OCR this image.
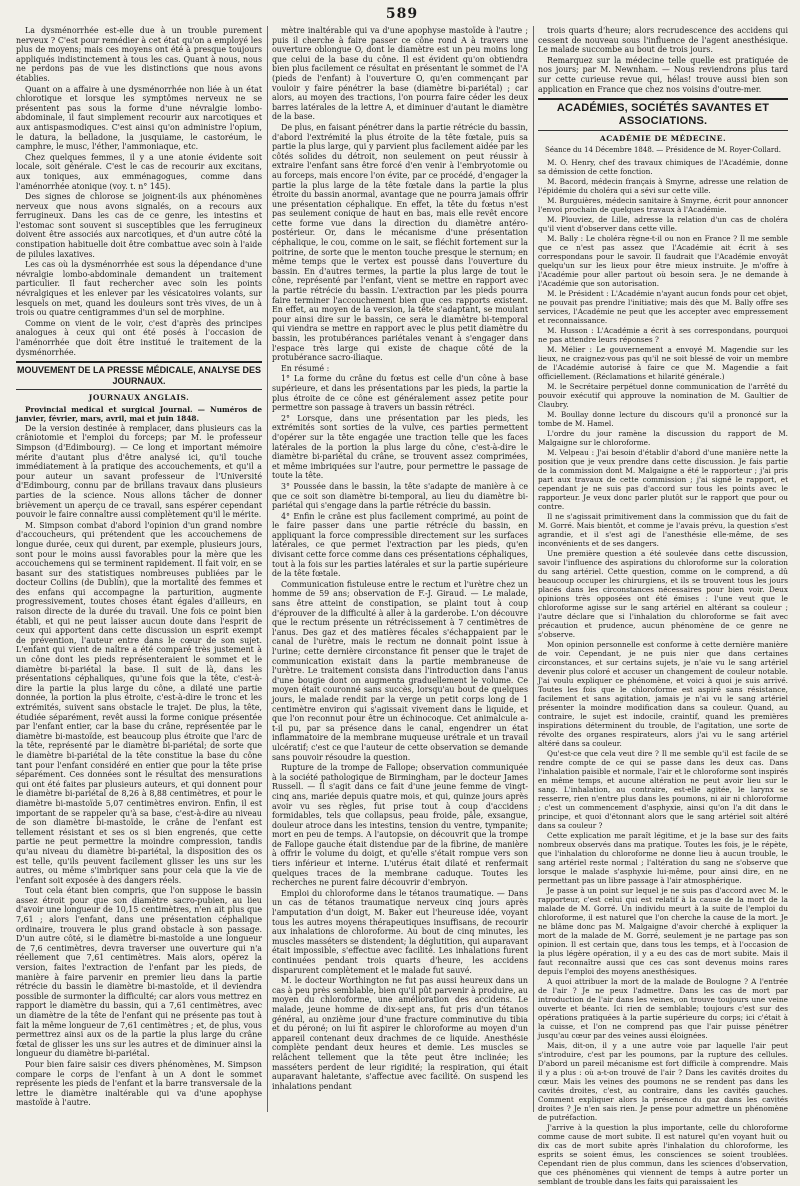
589

La dysménorrhée est-elle due à un trouble purement nerveux ? C'est pour remédier à cet état qu'on a employé les plus de moyens; mais ces moyens ont été à presque toujours appliqués indistinctement à tous les cas. Quant à nous, nous ne perdons pas de vue les distinctions que nous avons établies.

Quant on a affaire à une dysménorrhée non liée à un état chlorotique et lorsque les symptômes nerveux ne se présentent pas sous la forme d'une névralgie lombo-abdominale, il faut simplement recourir aux narcotiques et aux antispasmodiques. C'est ainsi qu'on administre l'opium, le datura, la belladone, la jusquiame, le castoréum, le camphre, le musc, l'éther, l'ammoniaque, etc.

Chez quelques femmes, il y a une atonie évidente soit locale, soit générale. C'est le cas de recourir aux excitans, aux toniques, aux emménagogues, comme dans l'aménorrhée atonique (voy. t. n° 145).

Des signes de chlorose se joignent-ils aux phénomènes nerveux que nous avons signalés, on a recours aux ferrugineux. Dans les cas de ce genre, les intestins et l'estomac sont souvent si susceptibles que les ferrugineux doivent être associés aux narcotiques, et d'un autre côté la constipation habituelle doit être combattue avec soin à l'aide de pilules laxatives.

Les cas où la dysménorrhée est sous la dépendance d'une névralgie lombo-abdominale demandent un traitement particulier. Il faut rechercher avec soin les points névralgiques et les enlever par les vésicatoires volants, sur lesquels on met, quand les douleurs sont très vives, de un à trois ou quatre centigrammes d'un sel de morphine.

Comme on vient de le voir, c'est d'après des principes analogues à ceux qui ont été posés à l'occasion de l'aménorrhée que doit être institué le traitement de la dysménorrhée.

MOUVEMENT DE LA PRESSE MÉDICALE, ANALYSE DES JOURNAUX.
JOURNAUX ANGLAIS.

Provincial medical et surgical Journal. — Numéros de janvier, février, mars, avril, mai et juin 1848.

De la version destinée à remplacer, dans plusieurs cas la crâniotomie et l'emploi du forceps; par M. le professeur Simpson (d'Edimbourg). — Ce long et important mémoire mérite d'autant plus d'être analysé ici, qu'il touche immédiatement à la pratique des accouchements, et qu'il a pour auteur un savant professeur de l'Université d'Edimbourg, connu par de brillans travaux dans plusieurs parties de la science. Nous allons tâcher de donner brièvement un aperçu de ce travail, sans espérer cependant pouvoir le faire connaître aussi complètement qu'il le mérite.

M. Simpson combat d'abord l'opinion d'un grand nombre d'accoucheurs, qui prétendent que les accouchemens de longue durée, ceux qui durent, par exemple, plusieurs jours, sont pour le moins aussi favorables pour la mère que les accouchemens qui se terminent rapidement. Il fait voir, en se basant sur des statistiques nombreuses publiées par le docteur Collins (de Dublin), que la mortalité des femmes et des enfans qui accompagne la parturition, augmente progressivement, toutes choses étant égales d'ailleurs, en raison directe de la durée du travail. Une fois ce point bien établi, et qui ne peut laisser aucun doute dans l'esprit de ceux qui apportent dans cette discussion un esprit exempt de prévention, l'auteur entre dans le cœur de son sujet. L'enfant qui vient de naître a été comparé très justement à un cône dont les pieds représenteraient le sommet et le diamètre bi-pariétal la base. Il suit de là, dans les présentations céphaliques, qu'une fois que la tête, c'est-à-dire la partie la plus large du cône, a dilaté une partie donnée, la portion la plus étroite, c'est-à-dire le tronc et les extrémités, suivent sans obstacle le trajet. De plus, la tête, étudiée séparément, revêt aussi la forme conique présentée par l'enfant entier, car la base du crâne, représentée par le diamètre bi-mastoïde, est beaucoup plus étroite que l'arc de la tête, représenté par le diamètre bi-pariétal; de sorte que le diamètre bi-pariétal de la tête constitue la base du cône tant pour l'enfant considéré en entier que pour la tête prise séparément. Ces données sont le résultat des mensurations qui ont été faites par plusieurs auteurs, et qui donnent pour le diamètre bi-pariétal de 8,26 à 8,88 centimètres, et pour le diamètre bi-mastoïde 5,07 centimètres environ. Enfin, il est important de se rappeler qu'à sa base, c'est-à-dire au niveau de son diamètre bi-mastoïde, le crâne de l'enfant est tellement résistant et ses os si bien engrenés, que cette partie ne peut permettre la moindre compression, tandis qu'au niveau du diamètre bi-pariétal, la disposition des os est telle, qu'ils peuvent facilement glisser les uns sur les autres, ou même s'imbriquer sans pour cela que la vie de l'enfant soit exposée à des dangers réels.

Tout cela étant bien compris, que l'on suppose le bassin assez étroit pour que son diamètre sacro-pubien, au lieu d'avoir une longueur de 10,15 centimètres, n'en ait plus que 7,61 ; alors l'enfant, dans une présentation céphalique ordinaire, trouvera le plus grand obstacle à son passage. D'un autre côté, si le diamètre bi-mastoïde a une longueur de 7,6 centimètres, devra traverser une ouverture qui n'a réellement que 7,61 centimètres. Mais alors, opérez la version, faites l'extraction de l'enfant par les pieds, de manière à faire parvenir en premier lieu dans la partie rétrécie du bassin le diamètre bi-mastoïde, et il deviendra possible de surmonter la difficulté; car alors vous mettrez en rapport le diamètre du bassin, qui a 7,61 centimètres, avec un diamètre de la tête de l'enfant qui ne présente pas tout à fait la même longueur de 7,61 centimètres ; et, de plus, vous permettrez ainsi aux os de la partie la plus large du crâne fœtal de glisser les uns sur les autres et de diminuer ainsi la longueur du diamètre bi-pariétal.

Pour bien faire saisir ces divers phénomènes, M. Simpson compare le corps de l'enfant à un A dont le sommet représente les pieds de l'enfant et la barre transversale de la lettre le diamètre inaltérable qui va d'une apophyse mastoïde à l'autre.

mètre inaltérable qui va d'une apophyse mastoïde à l'autre ; puis il cherche à faire passer ce cône rond A à travers une ouverture oblongue O, dont le diamètre est un peu moins long que celui de la base du cône. Il est évident qu'on obtiendra bien plus facilement ce résultat en présentant le sommet de l'A (pieds de l'enfant) à l'ouverture O, qu'en commençant par vouloir y faire pénétrer la base (diamètre bi-pariétal) ; car alors, au moyen des tractions, l'on pourra faire céder les deux barres latérales de la lettre A, et diminuer d'autant le diamètre de la base.

De plus, en faisant pénétrer dans la partie rétrécie du bassin, d'abord l'extrémité la plus étroite de la tête fœtale, puis sa partie la plus large, qui y parvient plus facilement aidée par les côtés solides du détroit, non seulement on peut réussir à extraire l'enfant sans être forcé d'en venir à l'embryotomie ou au forceps, mais encore l'on évite, par ce procédé, d'engager la partie la plus large de la tête fœtale dans la partie la plus étroite du bassin anormal, avantage que ne pourra jamais offrir une présentation céphalique. En effet, la tête du fœtus n'est pas seulement conique de haut en bas, mais elle revêt encore cette forme vue dans la direction du diamètre antéro-postérieur. Or, dans le mécanisme d'une présentation céphalique, le cou, comme on le sait, se fléchit fortement sur la poitrine, de sorte que le menton touche presque le sternum; en même temps que le vertex est poussé dans l'ouverture du bassin. En d'autres termes, la partie la plus large de tout le cône, représenté par l'enfant, vient se mettre en rapport avec la partie rétrécie du bassin. L'extraction par les pieds pourra faire terminer l'accouchement bien que ces rapports existent. En effet, au moyen de la version, la tête s'adaptant, se moulant pour ainsi dire sur le bassin, ce sera le diamètre bi-temporal qui viendra se mettre en rapport avec le plus petit diamètre du bassin, les protubérances pariétales venant à s'engager dans l'espace très large qui existe de chaque côté de la protubérance sacro-iliaque.

En résumé :

1° La forme du crâne du fœtus est celle d'un cône à base supérieure, et dans les présentations par les pieds, la partie la plus étroite de ce cône est généralement assez petite pour permettre son passage à travers un bassin rétréci.

2° Lorsque, dans une présentation par les pieds, les extrémités sont sorties de la vulve, ces parties permettent d'opérer sur la tête engagée une traction telle que les faces latérales de la portion la plus large du cône, c'est-à-dire le diamètre bi-pariétal du crâne, se trouvent assez comprimées, et même imbriquées sur l'autre, pour permettre le passage de toute la tête.

3° Poussée dans le bassin, la tête s'adapte de manière à ce que ce soit son diamètre bi-temporal, au lieu du diamètre bi-pariétal qui s'engage dans la partie rétrécie du bassin.

4° Enfin le crâne est plus facilement comprimé, au point de le faire passer dans une partie rétrécie du bassin, en appliquant la force compressible directement sur les surfaces latérales, ce que permet l'extraction par les pieds, qu'en divisant cette force comme dans ces présentations céphaliques, tout à la fois sur les parties latérales et sur la partie supérieure de la tête fœtale.

Communication fistuleuse entre le rectum et l'urètre chez un homme de 59 ans; observation de F.-J. Giraud. — Le malade, sans être atteint de constipation, se plaint tout à coup d'éprouver de la difficulté à aller à la garderobe. L'on découvre que le rectum présente un rétrécissement à 7 centimètres de l'anus. Des gaz et des matières fécales s'échappaient par le canal de l'urètre, mais le rectum ne donnait point issue à l'urine; cette dernière circonstance fit penser que le trajet de communication existait dans la partie membraneuse de l'urètre. Le traitement consista dans l'introduction dans l'anus d'une bougie dont on augmenta graduellement le volume. Ce moyen était couronné sans succès, lorsqu'au bout de quelques jours, le malade rendit par la verge un petit corps long de 1 centimètre environ qui s'agissait vivement dans le liquide, et que l'on reconnut pour être un échinocoque. Cet animalcule a-t-il pu, par sa présence dans le canal, engendrer un état inflammatoire de la membrane muqueuse urétrale et un travail ulcératif; c'est ce que l'auteur de cette observation se demande sans pouvoir résoudre la question.

Rupture de la trompe de Fallope; observation communiquée à la société pathologique de Birmingham, par le docteur James Russell. — Il s'agit dans ce fait d'une jeune femme de vingt-cinq ans, mariée depuis quatre mois, et qui, quinze jours après avoir vu ses règles, fut prise tout à coup d'accidens formidables, tels que collapsus, peau froide, pâle, exsangue, douleur atroce dans les intestins, tension du ventre, tympanite; mort en peu de temps. A l'autopsie, on découvrit que la trompe de Fallope gauche était distendue par de la fibrine, de manière à offrir le volume du doigt, et qu'elle s'était rompue vers son tiers inférieur et interne. L'utérus était dilaté et renfermait quelques traces de la membrane caduque. Toutes les recherches ne purent faire découvrir d'embryon.

Emploi du chloroforme dans le tétanos traumatique. — Dans un cas de tétanos traumatique nerveux cinq jours après l'amputation d'un doigt, M. Baker eut l'heureuse idée, voyant tous les autres moyens thérapeutiques insuffisans, de recourir aux inhalations de chloroforme. Au bout de cinq minutes, les muscles masséters se distendent; la déglutition, qui auparavant était impossible, s'effectue avec facilité. Les inhalations furent continuées pendant trois quarts d'heure, les accidens disparurent complètement et le malade fut sauvé.

M. le docteur Worthington ne fut pas aussi heureux dans un cas à peu près semblable, bien qu'il pût parvenir à produire, au moyen du chloroforme, une amélioration des accidens. Le malade, jeune homme de dix-sept ans, fut pris d'un tétanos général, au onzième jour d'une fracture comminutive du tibia et du péroné; on lui fit aspirer le chloroforme au moyen d'un appareil contenant deux drachmes de ce liquide. Anesthésie complète pendant deux heures et demie. Les muscles se relâchent tellement que la tête peut être inclinée; les masséters perdent de leur rigidité; la respiration, qui était auparavant haletante, s'affectue avec facilité. On suspend les inhalations pendant

trois quarts d'heure; alors recrudescence des accidens qui cessent de nouveau sous l'influence de l'agent anesthésique. Le malade succombe au bout de trois jours.

Remarquez sur la médecine telle quelle est pratiquée de nos jours; par M. Newnham. — Nous reviendrons plus tard sur cette curieuse revue qui, hélas! trouve aussi bien son application en France que chez nos voisins d'outre-mer.

ACADÉMIES, SOCIÉTÉS SAVANTES ET ASSOCIATIONS.
ACADÉMIE DE MÉDECINE.
Séance du 14 Décembre 1848. — Présidence de M. Royer-Collard.

M. O. Henry, chef des travaux chimiques de l'Académie, donne sa démission de cette fonction.

M. Bacord, médecin français à Smyrne, adresse une relation de l'épidémie du choléra qui a sévi sur cette ville.

M. Burguières, médecin sanitaire à Smyrne, écrit pour annoncer l'envoi prochain de quelques travaux à l'Académie.

M. Plouviez, de Lille, adresse la relation d'un cas de choléra qu'il vient d'observer dans cette ville.

M. Bally : Le choléra règne-t-il ou non en France ? Il me semble que ce n'est pas assez que l'Académie ait écrit à ses correspondans pour le savoir. Il faudrait que l'Académie envoyât quelqu'un sur les lieux pour être mieux instruite. Je m'offre à l'Académie pour aller partout où besoin sera. Je ne demande à l'Académie que son autorisation.

M. le Président : L'Académie n'ayant aucun fonds pour cet objet, ne pouvait pas prendre l'initiative; mais dès que M. Bally offre ses services, l'Académie ne peut que les accepter avec empressement et reconnaissance.

M. Husson : L'Académie a écrit à ses correspondans, pourquoi ne pas attendre leurs réponses ?

M. Mélier : Le gouvernement a envoyé M. Magendie sur les lieux, ne craignez-vous pas qu'il ne soit blessé de voir un membre de l'Académie autorisé à faire ce que M. Magendie a fait officiellement. (Réclamations et hilarité générale.)

M. le Secrétaire perpétuel donne communication de l'arrêté du pouvoir exécutif qui approuve la nomination de M. Gaultier de Claubry.

M. Boullay donne lecture du discours qu'il a prononcé sur la tombe de M. Hamel.

L'ordre du jour ramène la discussion du rapport de M. Malgaigne sur le chloroforme.

M. Velpeau : J'ai besoin d'établir d'abord d'une manière nette la position que je veux prendre dans cette discussion. Je fais partie de la commission dont M. Malgaigne a été le rapporteur ; j'ai pris part aux travaux de cette commission ; j'ai signé le rapport, et cependant je ne suis pas d'accord sur tous les points avec le rapporteur. Je veux donc parler plutôt sur le rapport que pour ou contre.

Il ne s'agissait primitivement dans la commission que du fait de M. Gorré. Mais bientôt, et comme je l'avais prévu, la question s'est agrandie, et il s'est agi de l'anesthésie elle-même, de ses inconvénients et de ses dangers.

Une première question a été soulevée dans cette discussion, savoir l'influence des aspirations du chloroforme sur la coloration du sang artériel. Cette question, comme on le comprend, a dû beaucoup occuper les chirurgiens, et ils se trouvent tous les jours placés dans les circonstances nécessaires pour bien voir. Deux opinions très opposées ont été émises : l'une veut que le chloroforme agisse sur le sang artériel en altérant sa couleur ; l'autre déclare que si l'inhalation du chloroforme se fait avec précaution et prudence, aucun phénomène de ce genre ne s'observe.

Mon opinion personnelle est conforme à cette dernière manière de voir. Cependant, je ne puis nier que dans certaines circonstances, et sur certains sujets, je n'aie vu le sang artériel devenir plus coloré et accuser un changement de couleur notable. J'ai voulu expliquer ce phénomène, et voici à quoi je suis arrivé. Toutes les fois que le chloroforme est aspiré sans résistance, facilement et sans agitation, jamais je n'ai vu le sang artériel présenter la moindre modification dans sa couleur. Quand, au contraire, le sujet est indocile, craintif, quand les premières inspirations déterminent du trouble, de l'agitation, une sorte de révolte des organes respirateurs, alors j'ai vu le sang artériel altéré dans sa couleur.

Qu'est-ce que cela veut dire ? Il me semble qu'il est facile de se rendre compte de ce qui se passe dans les deux cas. Dans l'inhalation paisible et normale, l'air et le chloroforme sont inspirés en même temps, et aucune altération ne peut avoir lieu sur le sang. L'inhalation, au contraire, est-elle agitée, le larynx se resserre, rien n'entre plus dans les poumons, ni air ni chloroforme ; c'est un commencement d'asphyxie, ainsi qu'on l'a dit dans le principe, et quoi d'étonnant alors que le sang artériel soit altéré dans sa couleur ?

Cette explication me paraît légitime, et je la base sur des faits nombreux observés dans ma pratique. Toutes les fois, je le répète, que l'inhalation du chloroforme ne donne lieu à aucun trouble, le sang artériel reste normal ; l'altération du sang ne s'observe que lorsque le malade s'asphyxie lui-même, pour ainsi dire, en ne permettant pas un libre passage à l'air atmosphérique.

Je passe à un point sur lequel je ne suis pas d'accord avec M. le rapporteur, c'est celui qui est relatif à la cause de la mort de la malade de M. Gorré. Un individu meurt à la suite de l'emploi du chloroforme, il est naturel que l'on cherche la cause de la mort. Je ne blâme donc pas M. Malgaigne d'avoir cherché à expliquer la mort de la malade de M. Gorré, seulement je ne partage pas son opinion. Il est certain que, dans tous les temps, et à l'occasion de la plus légère opération, il y a eu des cas de mort subite. Mais il faut reconnaître aussi que ces cas sont devenus moins rares depuis l'emploi des moyens anesthésiques.

A quoi attribuer la mort de la malade de Boulogne ? A l'entrée de l'air ? Je ne peux l'admettre. Dans les cas de mort par introduction de l'air dans les veines, on trouve toujours une veine ouverte et béante. Ici rien de semblable; toujours c'est sur des opérations pratiquées à la partie supérieure du corps; ici c'était à la cuisse, et l'on ne comprend pas que l'air puisse pénétrer jusqu'au cœur par des veines aussi éloignées.

Mais, dit-on, il y a une autre voie par laquelle l'air peut s'introduire, c'est par les poumons, par la rupture des cellules. D'abord un pareil mécanisme est fort difficile à comprendre. Mais il y a plus : où a-t-on trouvé de l'air ? Dans les cavités droites du cœur. Mais les veines des poumons ne se rendent pas dans les cavités droites, c'est, au contraire, dans les cavités gauches. Comment expliquer alors la présence du gaz dans les cavités droites ? Je n'en sais rien. Je pense pour admettre un phénomène de putréfaction.

J'arrive à la question la plus importante, celle du chloroforme comme cause de mort subite. Il est naturel qu'en voyant huit ou dix cas de mort subite après l'inhalation du chloroforme, les esprits se soient émus, les consciences se soient troublées. Cependant rien de plus commun, dans les sciences d'observation, que ces phénomènes qui viennent de temps à autre porter un semblant de trouble dans les faits qui paraissaient les
